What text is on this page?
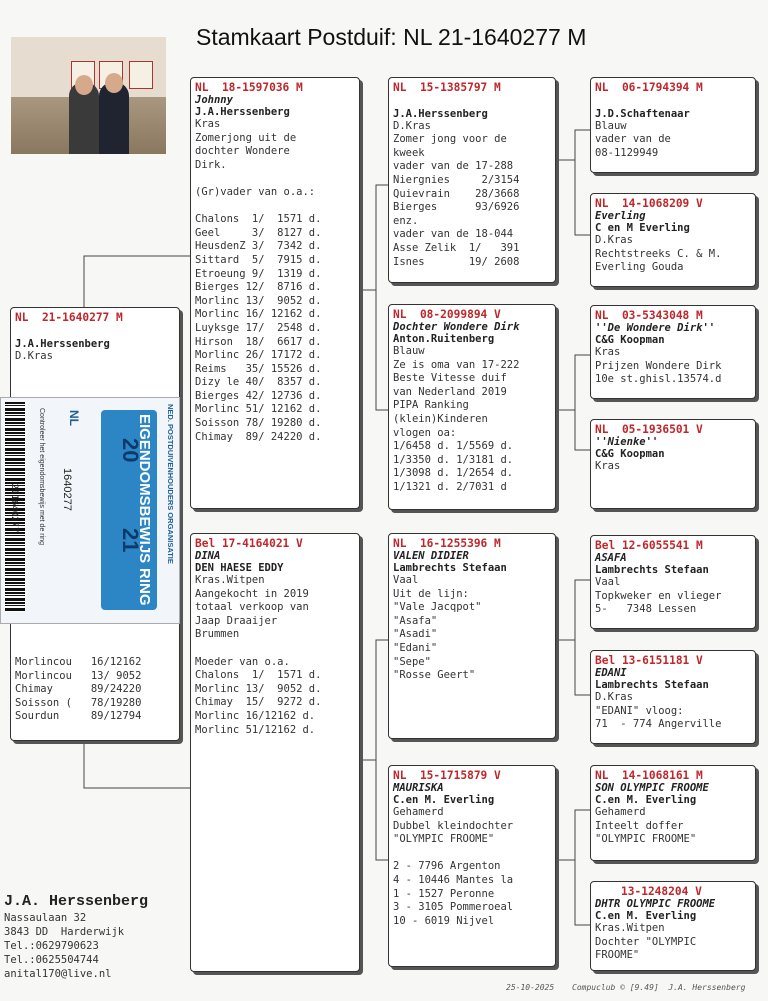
Stamkaart Postduif: NL 21-1640277 M
NL  21-1640277 M

J.A.Herssenberg
D.Kras
Morlincou   16/12162
Morlincou   13/ 9052
Chimay      89/24220
Soisson (   78/19280
Sourdun     89/12794
211640277	Controleer het eigendomsbewijs met de ring NL
1640277	EIGENDOMSBEWIJS
RING
20
21	NED. POSTDUIVENHOUDERS ORGANISATIE
NL  18-1597036 M
Johnny
J.A.Herssenberg
Kras
Zomerjong uit de
dochter Wondere
Dirk.

(Gr)vader van o.a.:

Chalons  1/  1571 d.
Geel     3/  8127 d.
HeusdenZ 3/  7342 d.
Sittard  5/  7915 d.
Etroeung 9/  1319 d.
Bierges 12/  8716 d.
Morlinc 13/  9052 d.
Morlinc 16/ 12162 d.
Luyksge 17/  2548 d.
Hirson  18/  6617 d.
Morlinc 26/ 17172 d.
Reims   35/ 15526 d.
Dizy le 40/  8357 d.
Bierges 42/ 12736 d.
Morlinc 51/ 12162 d.
Soisson 78/ 19280 d.
Chimay  89/ 24220 d.
Bel 17-4164021 V
DINA
DEN HAESE EDDY
Kras.Witpen
Aangekocht in 2019
totaal verkoop van
Jaap Draaijer
Brummen

Moeder van o.a.
Chalons  1/  1571 d.
Morlinc 13/  9052 d.
Chimay  15/  9272 d.
Morlinc 16/12162 d.
Morlinc 51/12162 d.
NL  15-1385797 M

J.A.Herssenberg
D.Kras
Zomer jong voor de
kweek
vader van de 17-288
Niergnies     2/3154
Quievrain    28/3668
Bierges      93/6926
enz.
vader van de 18-044
Asse Zelik  1/   391
Isnes       19/ 2608
NL  08-2099894 V
Dochter Wondere Dirk
Anton.Ruitenberg
Blauw
Ze is oma van 17-222
Beste Vitesse duif
van Nederland 2019
PIPA Ranking
(klein)Kinderen
vlogen oa:
1/6458 d. 1/5569 d.
1/3350 d. 1/3181 d.
1/3098 d. 1/2654 d.
1/1321 d. 2/7031 d
NL  16-1255396 M
VALEN DIDIER
Lambrechts Stefaan
Vaal
Uit de lijn:
"Vale Jacqpot"
"Asafa"
"Asadi"
"Edani"
"Sepe"
"Rosse Geert"
NL  15-1715879 V
MAURISKA
C.en M. Everling
Gehamerd
Dubbel kleindochter
"OLYMPIC FROOME"

2 - 7796 Argenton
4 - 10446 Mantes la
1 - 1527 Peronne
3 - 3105 Pommeroeal
10 - 6019 Nijvel
NL  06-1794394 M

J.D.Schaftenaar
Blauw
vader van de
08-1129949
NL  14-1068209 V
Everling
C en M Everling
D.Kras
Rechtstreeks C. & M.
Everling Gouda
NL  03-5343048 M
''De Wondere Dirk''
C&G Koopman
Kras
Prijzen Wondere Dirk
10e st.ghisl.13574.d
NL  05-1936501 V
''Nienke''
C&G Koopman
Kras
Bel 12-6055541 M
ASAFA
Lambrechts Stefaan
Vaal
Topkweker en vlieger
5-   7348 Lessen
Bel 13-6151181 V
EDANI
Lambrechts Stefaan
D.Kras
"EDANI" vloog:
71  - 774 Angerville
NL  14-1068161 M
SON OLYMPIC FROOME
C.en M. Everling
Gehamerd
Inteelt doffer
"OLYMPIC FROOME"
13-1248204 V
DHTR OLYMPIC FROOME
C.en M. Everling
Kras.Witpen
Dochter "OLYMPIC
FROOME"
J.A. Herssenberg
Nassaulaan 32
3843 DD  Harderwijk
Tel.:0629790623
Tel.:0625504744
anital170@live.nl
25-10-2025 Compuclub © [9.49]  J.A. Herssenberg
